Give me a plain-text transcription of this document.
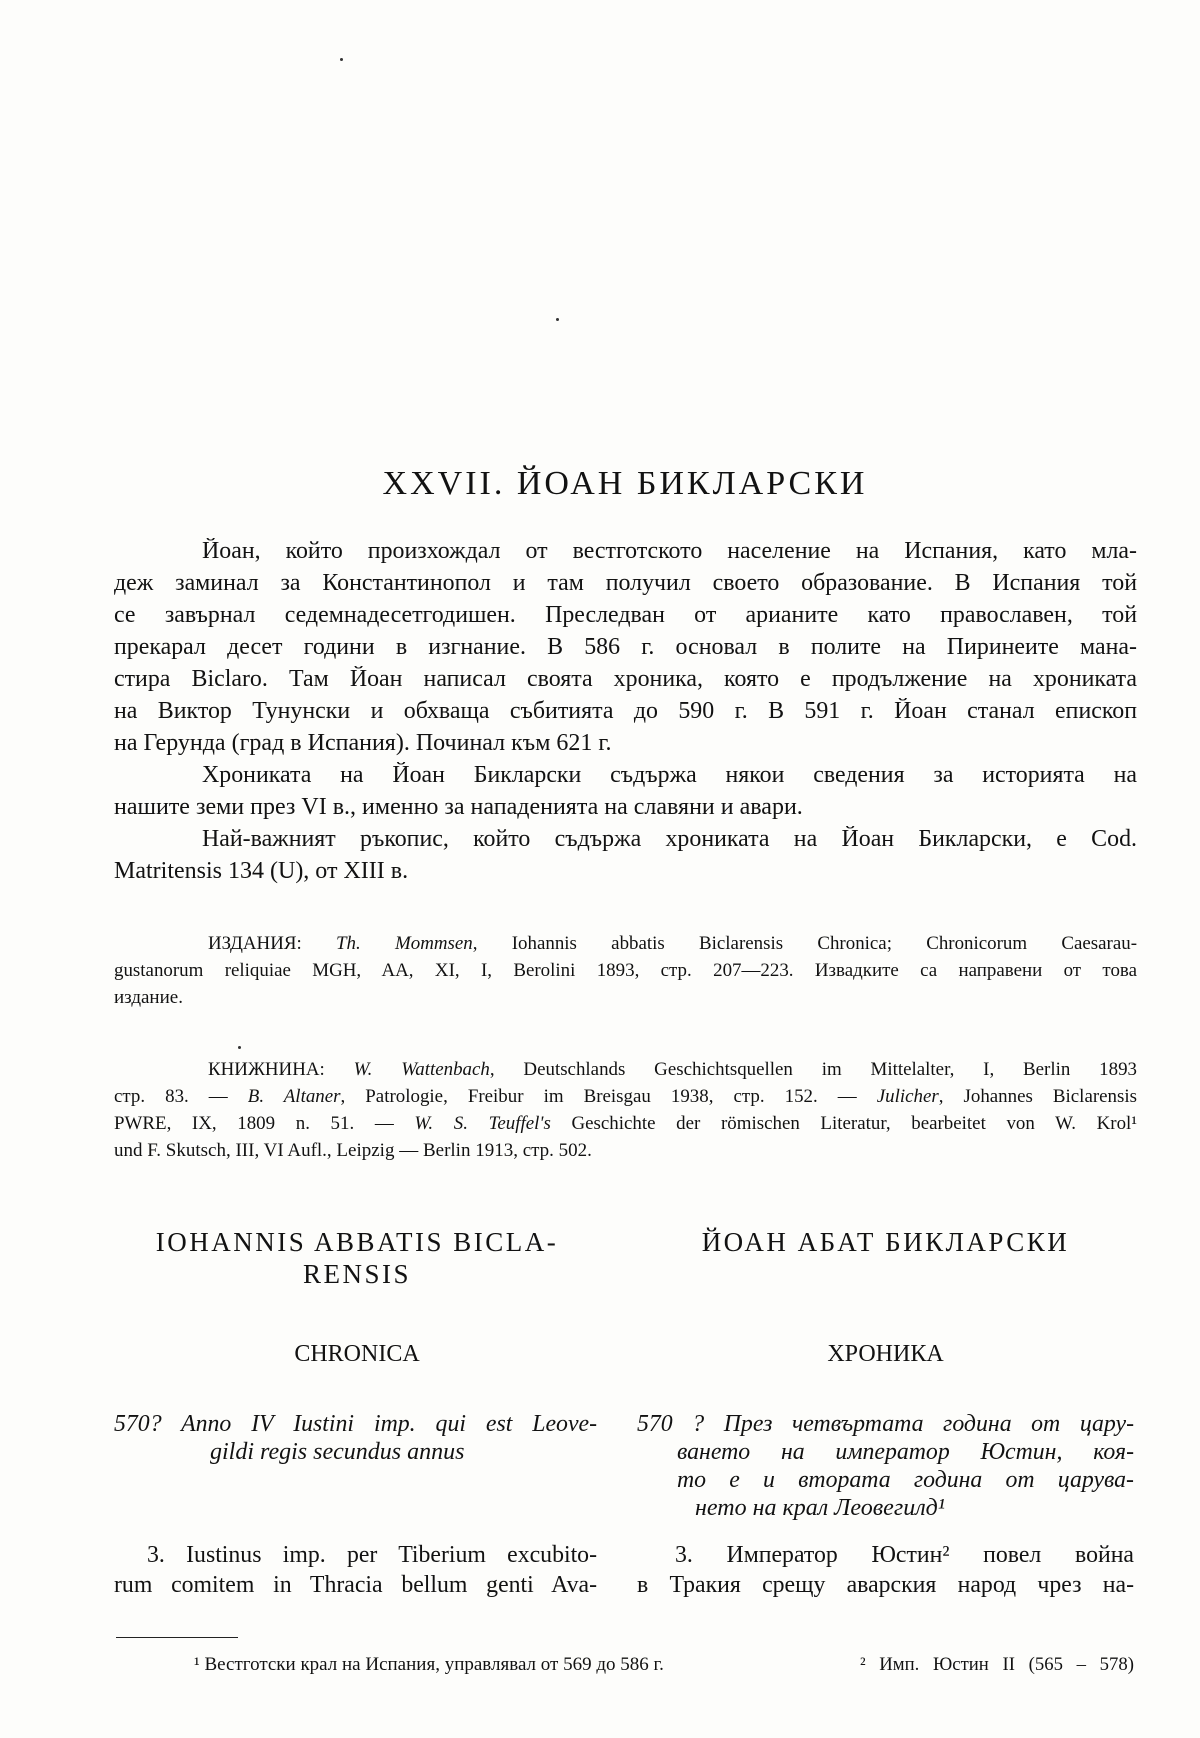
XXVII. ЙОАН БИКЛАРСКИ
Йоан, който произхождал от вестготското население на Испания, като мла-
деж заминал за Константинопол и там получил своето образование. В Испания той
се завърнал седемнадесетгодишен. Преследван от арианите като православен, той
прекарал десет години в изгнание. В 586 г. основал в полите на Пиринеите мана-
стира Biclaro. Там Йоан написал своята хроника, която е продължение на хрониката
на Виктор Тунунски и обхваща събитията до 590 г. В 591 г. Йоан станал епископ
на Герунда (град в Испания). Починал към 621 г.
Хрониката на Йоан Бикларски съдържа някои сведения за историята на
нашите земи през VI в., именно за нападенията на славяни и авари.
Най-важният ръкопис, който съдържа хрониката на Йоан Бикларски, е Cod.
Matritensis 134 (U), от XIII в.
ИЗДАНИЯ: Th. Mommsen, Iohannis abbatis Biclarensis Chronica; Chronicorum Caesarau-
gustanorum reliquiae MGH, AA, XI, I, Berolini 1893, стр. 207—223. Извадките са направени от това
издание.
КНИЖНИНА: W. Wattenbach, Deutschlands Geschichtsquellen im Mittelalter, I, Berlin 1893
стр. 83. — B. Altaner, Patrologie, Freibur im Breisgau 1938, стр. 152. — Julicher, Johannes Biclarensis
PWRE, IX, 1809 n. 51. — W. S. Teuffel's Geschichte der römischen Literatur, bearbeitet von W. Krol¹
und F. Skutsch, III, VI Aufl., Leipzig — Berlin 1913, стр. 502.
IOHANNIS ABBATIS BICLA-
RENSIS
ЙОАН АБАТ БИКЛАРСКИ
CHRONICA	ХРОНИКА
570? Anno IV Iustini imp. qui est Leove-
gildi regis secundus annus
570 ? През четвъртата година от цару-
ването на император Юстин, коя-
то е и втората година от царува-
нето на крал Леовегилд¹
3. Iustinus imp. per Tiberium excubito-
rum comitem in Thracia bellum genti Ava-
3. Император Юстин² повел война
в Тракия срещу аварския народ чрез на-
¹ Вестготски крал на Испания, управлявал от 569 до 586 г.	² Имп. Юстин II (565 – 578)
